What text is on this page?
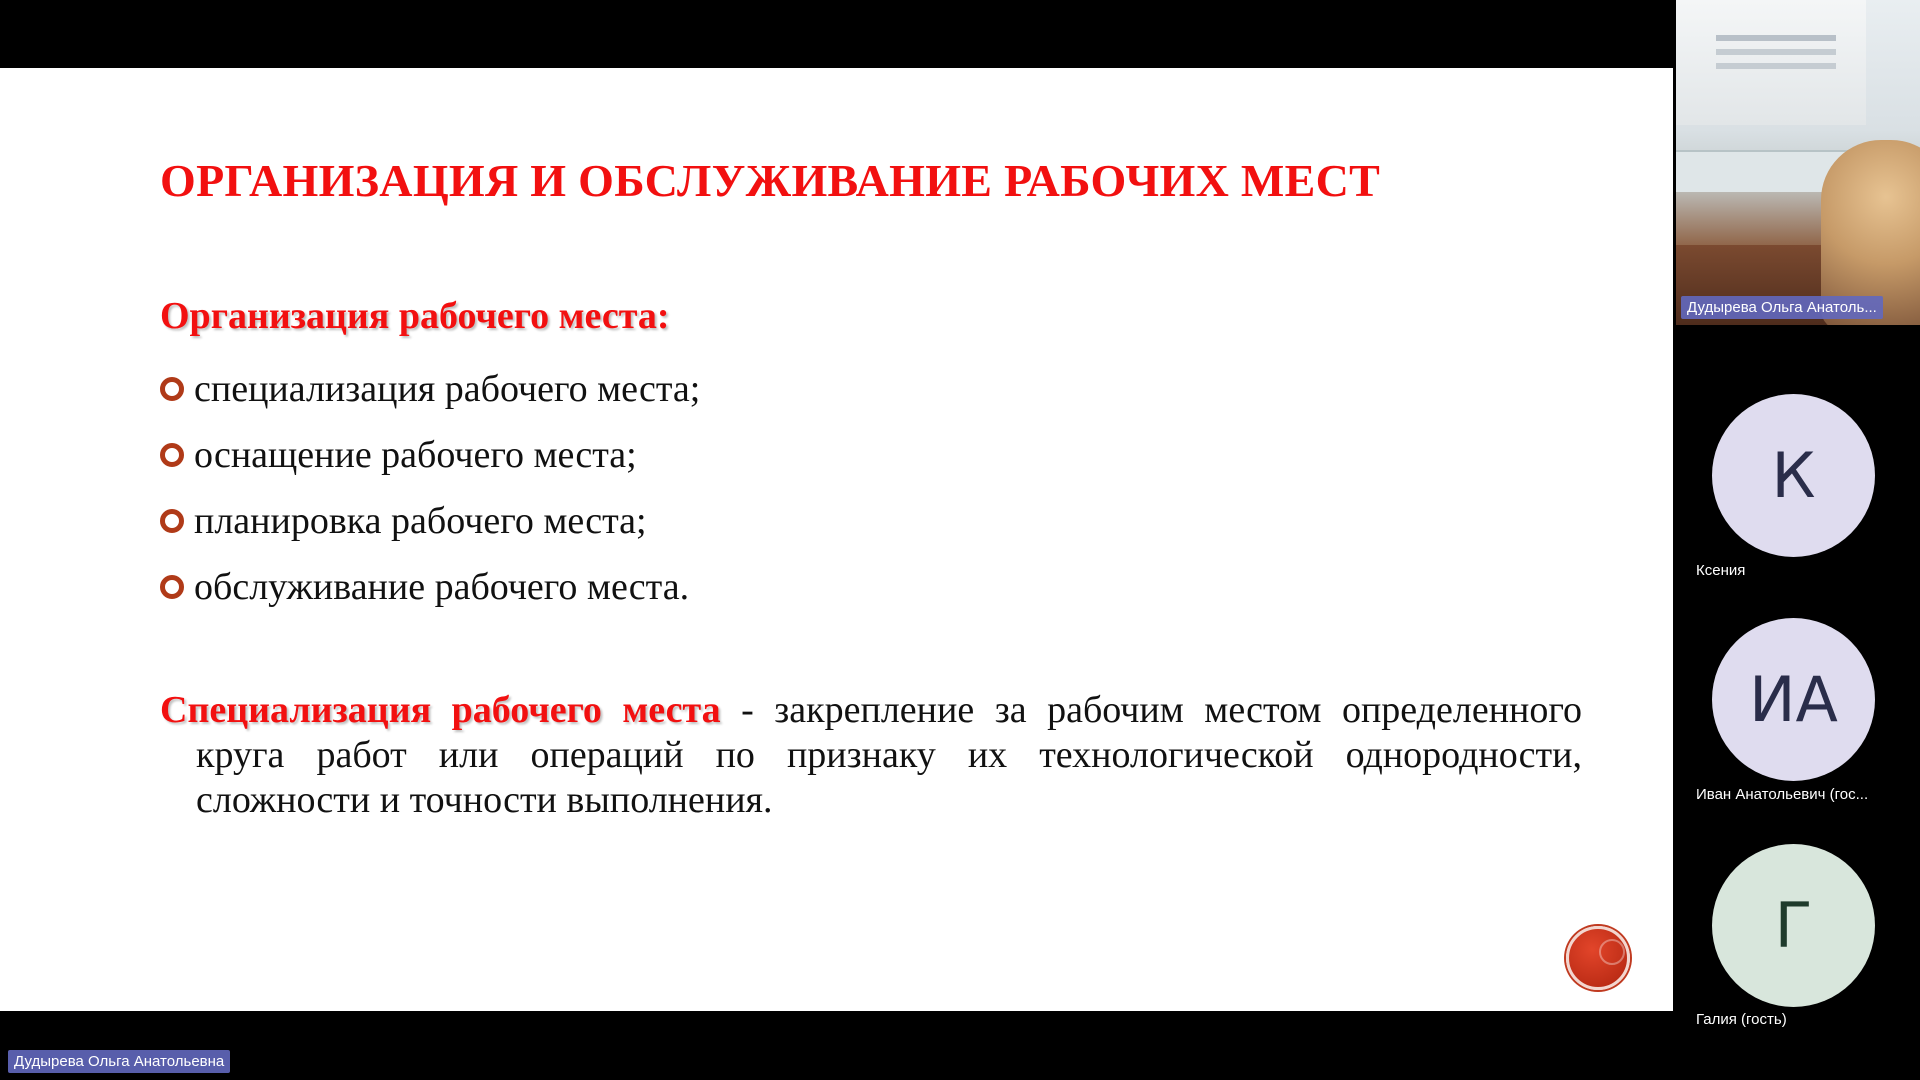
ОРГАНИЗАЦИЯ И ОБСЛУЖИВАНИЕ РАБОЧИХ МЕСТ
Организация рабочего места:
специализация рабочего места;
оснащение рабочего места;
планировка рабочего места;
обслуживание рабочего места.
Специализация рабочего места - закрепление за рабочим местом определенного круга работ или операций по признаку их технологической однородности, сложности и точности выполнения.
Дудырева Ольга Анатольевна
Дудырева Ольга Анатоль...
К
Ксения
ИА
Иван Анатольевич (гос...
Г
Галия (гость)
